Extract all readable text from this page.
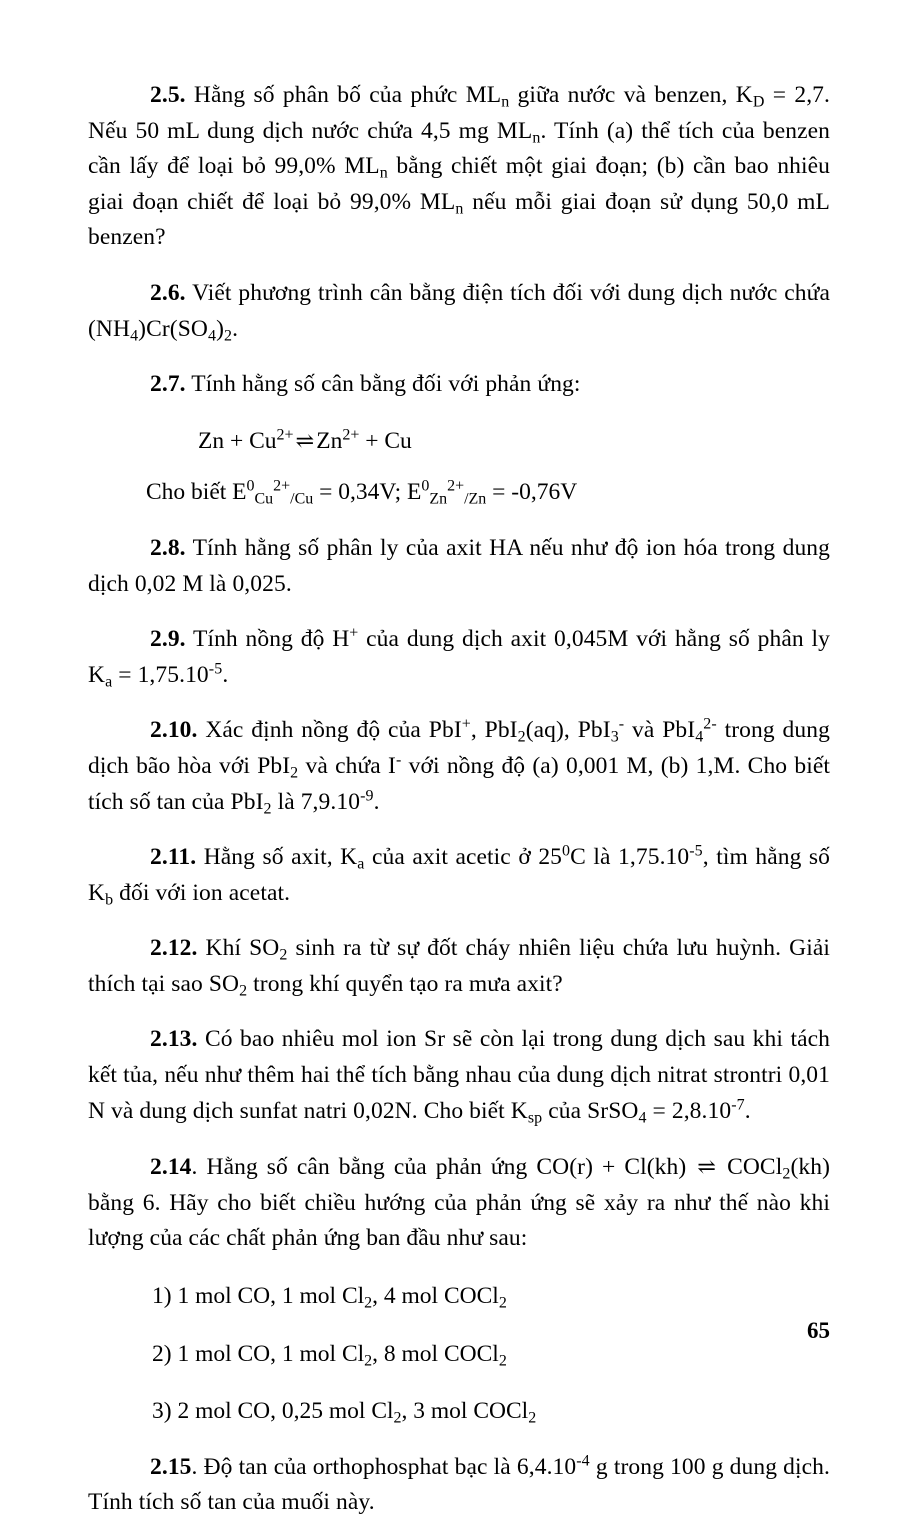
2.5. Hằng số phân bố của phức $ML_n$ giữa nước và benzen, $K_D = 2,7$. Nếu 50 mL dung dịch nước chứa 4,5 mg $ML_n$. Tính (a) thể tích của benzen cần lấy để loại bỏ 99,0% $ML_n$ bằng chiết một giai đoạn; (b) cần bao nhiêu giai đoạn chiết để loại bỏ 99,0% $ML_n$ nếu mỗi giai đoạn sử dụng 50,0 mL benzen?

2.6. Viết phương trình cân bằng điện tích đối với dung dịch nước chứa $(NH_4)Cr(SO_4)_2$.

2.7. Tính hằng số cân bằng đối với phản ứng:

$Zn + Cu^{2+}\rightleftharpoons Zn^{2+} + Cu$

Cho biết $E^0_{Cu}^{2+}_{/Cu} = 0,34V$; $E^0_{Zn}^{2+}_{/Zn} = -0,76V$

2.8. Tính hằng số phân ly của axit HA nếu như độ ion hóa trong dung dịch 0,02 M là 0,025.

2.9. Tính nồng độ H+ của dung dịch axit 0,045M với hằng số phân ly $K_a = 1,75.10^{-5}$.

2.10. Xác định nồng độ của PbI+, PbI$_2$(aq), PbI$_3$- và PbI$_4^{2-}$ trong dung dịch bão hòa với PbI$_2$ và chứa I- với nồng độ (a) 0,001 M, (b) 1,M. Cho biết tích số tan của PbI$_2$ là $7,9.10^{-9}$.

2.11. Hằng số axit, $K_a$ của axit acetic ở $25^0C$ là $1,75.10^{-5}$, tìm hằng số $K_b$ đối với ion acetat.

2.12. Khí $SO_2$ sinh ra từ sự đốt cháy nhiên liệu chứa lưu huỳnh. Giải thích tại sao $SO_2$ trong khí quyển tạo ra mưa axit?

2.13. Có bao nhiêu mol ion Sr sẽ còn lại trong dung dịch sau khi tách kết tủa, nếu như thêm hai thể tích bằng nhau của dung dịch nitrat strontri 0,01 N và dung dịch sunfat natri 0,02N. Cho biết $K_{sp}$ của SrSO$_4$ = $2,8.10^{-7}$.

2.14. Hằng số cân bằng của phản ứng CO(r) + Cl(kh) ⇌ COCl$_2$(kh) bằng 6. Hãy cho biết chiều hướng của phản ứng sẽ xảy ra như thế nào khi lượng của các chất phản ứng ban đầu như sau:

1) 1 mol CO, 1 mol $Cl_2$, 4 mol COCl$_2$

2) 1 mol CO, 1 mol $Cl_2$, 8 mol COCl$_2$

3) 2 mol CO, 0,25 mol $Cl_2$, 3 mol COCl$_2$

2.15. Độ tan của orthophosphat bạc là $6,4.10^{-4}$ g trong 100 g dung dịch. Tính tích số tan của muối này.

65
